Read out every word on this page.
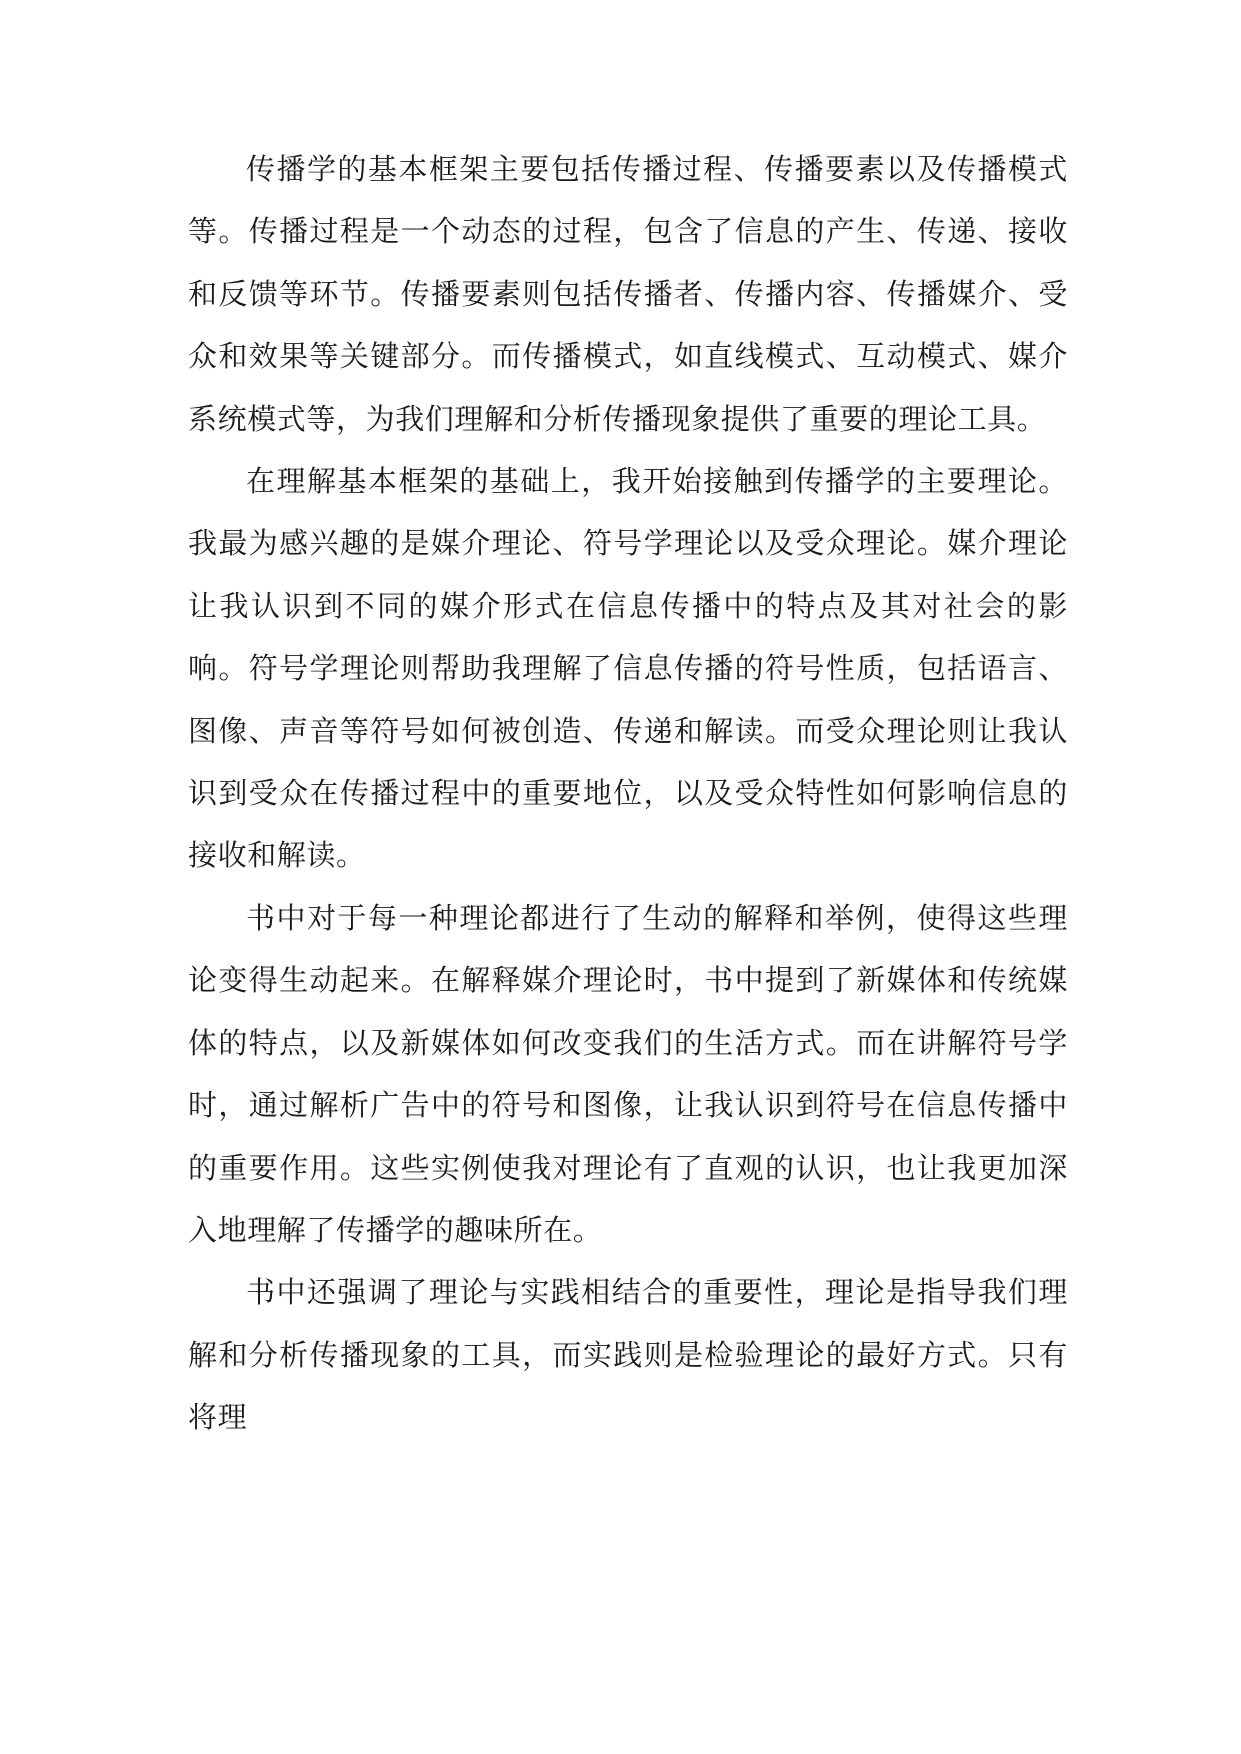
传播学的基本框架主要包括传播过程、传播要素以及传播模式等。传播过程是一个动态的过程，包含了信息的产生、传递、接收和反馈等环节。传播要素则包括传播者、传播内容、传播媒介、受众和效果等关键部分。而传播模式，如直线模式、互动模式、媒介系统模式等，为我们理解和分析传播现象提供了重要的理论工具。

在理解基本框架的基础上，我开始接触到传播学的主要理论。我最为感兴趣的是媒介理论、符号学理论以及受众理论。媒介理论让我认识到不同的媒介形式在信息传播中的特点及其对社会的影响。符号学理论则帮助我理解了信息传播的符号性质，包括语言、图像、声音等符号如何被创造、传递和解读。而受众理论则让我认识到受众在传播过程中的重要地位，以及受众特性如何影响信息的接收和解读。

书中对于每一种理论都进行了生动的解释和举例，使得这些理论变得生动起来。在解释媒介理论时，书中提到了新媒体和传统媒体的特点，以及新媒体如何改变我们的生活方式。而在讲解符号学时，通过解析广告中的符号和图像，让我认识到符号在信息传播中的重要作用。这些实例使我对理论有了直观的认识，也让我更加深入地理解了传播学的趣味所在。

书中还强调了理论与实践相结合的重要性，理论是指导我们理解和分析传播现象的工具，而实践则是检验理论的最好方式。只有将理
